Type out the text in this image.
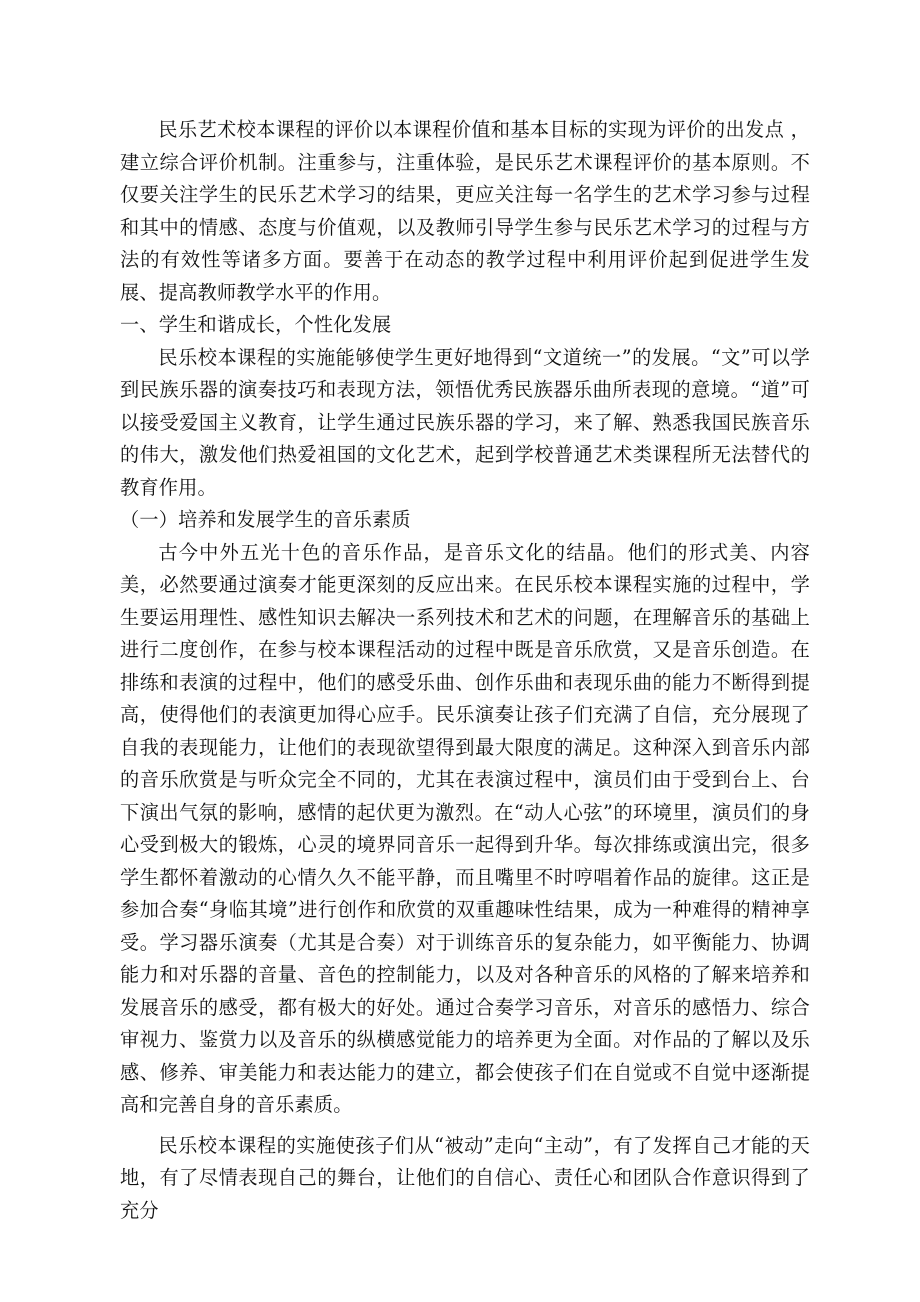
民乐艺术校本课程的评价以本课程价值和基本目标的实现为评价的出发点 ，建立综合评价机制。注重参与，注重体验，是民乐艺术课程评价的基本原则。不仅要关注学生的民乐艺术学习的结果，更应关注每一名学生的艺术学习参与过程和其中的情感、态度与价值观，以及教师引导学生参与民乐艺术学习的过程与方法的有效性等诸多方面。要善于在动态的教学过程中利用评价起到促进学生发展、提高教师教学水平的作用。

一、学生和谐成长，个性化发展

民乐校本课程的实施能够使学生更好地得到“文道统一”的发展。“文”可以学到民族乐器的演奏技巧和表现方法，领悟优秀民族器乐曲所表现的意境。“道”可以接受爱国主义教育，让学生通过民族乐器的学习，来了解、熟悉我国民族音乐的伟大，激发他们热爱祖国的文化艺术，起到学校普通艺术类课程所无法替代的教育作用。

（一）培养和发展学生的音乐素质

古今中外五光十色的音乐作品，是音乐文化的结晶。他们的形式美、内容美，必然要通过演奏才能更深刻的反应出来。在民乐校本课程实施的过程中，学生要运用理性、感性知识去解决一系列技术和艺术的问题，在理解音乐的基础上进行二度创作，在参与校本课程活动的过程中既是音乐欣赏，又是音乐创造。在排练和表演的过程中，他们的感受乐曲、创作乐曲和表现乐曲的能力不断得到提高，使得他们的表演更加得心应手。民乐演奏让孩子们充满了自信，充分展现了自我的表现能力，让他们的表现欲望得到最大限度的满足。这种深入到音乐内部的音乐欣赏是与听众完全不同的，尤其在表演过程中，演员们由于受到台上、台下演出气氛的影响，感情的起伏更为激烈。在“动人心弦”的环境里，演员们的身心受到极大的锻炼，心灵的境界同音乐一起得到升华。每次排练或演出完，很多学生都怀着激动的心情久久不能平静，而且嘴里不时哼唱着作品的旋律。这正是参加合奏“身临其境”进行创作和欣赏的双重趣味性结果，成为一种难得的精神享受。学习器乐演奏（尤其是合奏）对于训练音乐的复杂能力，如平衡能力、协调能力和对乐器的音量、音色的控制能力，以及对各种音乐的风格的了解来培养和发展音乐的感受，都有极大的好处。通过合奏学习音乐，对音乐的感悟力、综合审视力、鉴赏力以及音乐的纵横感觉能力的培养更为全面。对作品的了解以及乐感、修养、审美能力和表达能力的建立，都会使孩子们在自觉或不自觉中逐渐提高和完善自身的音乐素质。

民乐校本课程的实施使孩子们从“被动”走向“主动”，有了发挥自己才能的天地，有了尽情表现自己的舞台，让他们的自信心、责任心和团队合作意识得到了充分
